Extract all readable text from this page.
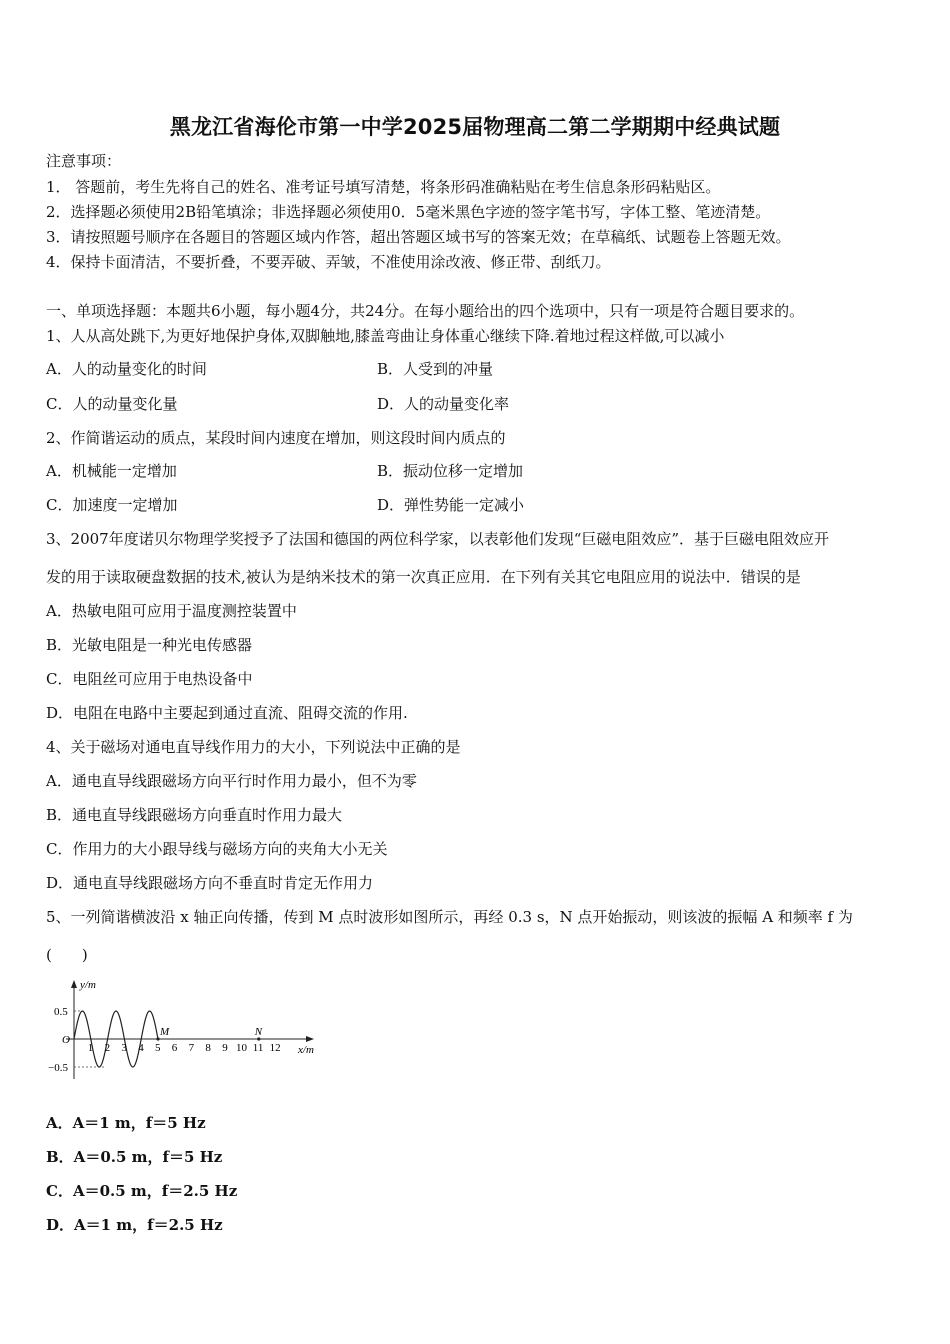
黑龙江省海伦市第一中学2025届物理高二第二学期期中经典试题
注意事项：
1． 答题前，考生先将自己的姓名、准考证号填写清楚，将条形码准确粘贴在考生信息条形码粘贴区。
2．选择题必须使用2B铅笔填涂；非选择题必须使用0．5毫米黑色字迹的签字笔书写，字体工整、笔迹清楚。
3．请按照题号顺序在各题目的答题区域内作答，超出答题区域书写的答案无效；在草稿纸、试题卷上答题无效。
4．保持卡面清洁，不要折叠，不要弄破、弄皱，不准使用涂改液、修正带、刮纸刀。
一、单项选择题：本题共6小题，每小题4分，共24分。在每小题给出的四个选项中，只有一项是符合题目要求的。
1、人从高处跳下,为更好地保护身体,双脚触地,膝盖弯曲让身体重心继续下降.着地过程这样做,可以减小
A．人的动量变化的时间	B．人受到的冲量
C．人的动量变化量	D．人的动量变化率
2、作简谐运动的质点，某段时间内速度在增加，则这段时间内质点的
A．机械能一定增加	B．振动位移一定增加
C．加速度一定增加	D．弹性势能一定减小
3、2007年度诺贝尔物理学奖授予了法国和德国的两位科学家，以表彰他们发现“巨磁电阻效应”．基于巨磁电阻效应开
发的用于读取硬盘数据的技术,被认为是纳米技术的第一次真正应用．在下列有关其它电阻应用的说法中．错误的是
A．热敏电阻可应用于温度测控装置中
B．光敏电阻是一种光电传感器
C．电阻丝可应用于电热设备中
D．电阻在电路中主要起到通过直流、阻碍交流的作用.
4、关于磁场对通电直导线作用力的大小，下列说法中正确的是
A．通电直导线跟磁场方向平行时作用力最小，但不为零
B．通电直导线跟磁场方向垂直时作用力最大
C．作用力的大小跟导线与磁场方向的夹角大小无关
D．通电直导线跟磁场方向不垂直时肯定无作用力
5、一列简谐横波沿 x 轴正向传播，传到 M 点时波形如图所示，再经 0.3 s，N 点开始振动，则该波的振幅 A 和频率 f 为
(　　)
y/m
0.5
−0.5
O
1 2 3 4 5 6 7 8 9 10 11 12 x/m
M	N
A．A＝1 m，f＝5 Hz
B．A＝0.5 m，f＝5 Hz
C．A＝0.5 m，f＝2.5 Hz
D．A＝1 m，f＝2.5 Hz
